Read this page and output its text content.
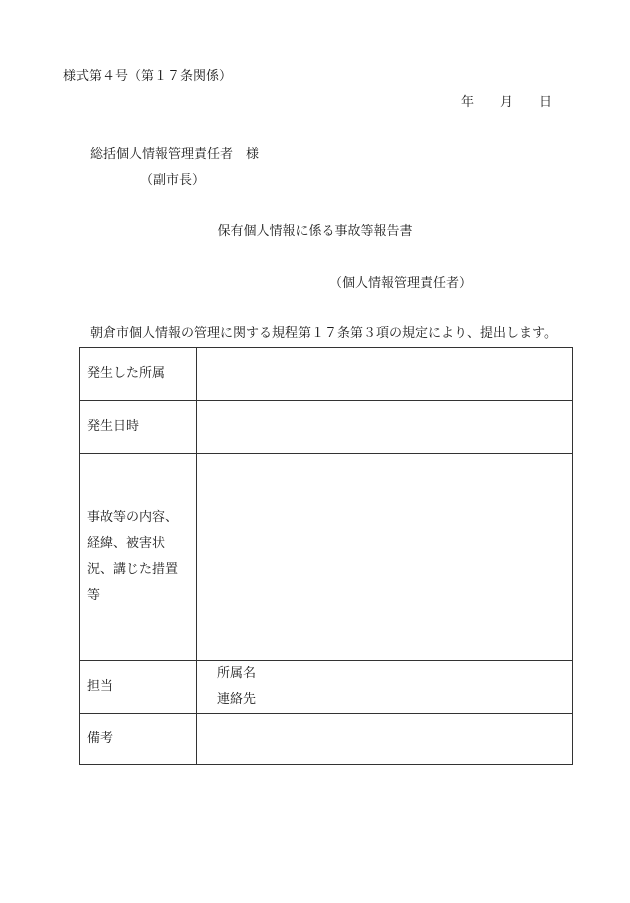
様式第４号（第１７条関係）
年 月 日
総括個人情報管理責任者　様
（副市長）
保有個人情報に係る事故等報告書
（個人情報管理責任者）
朝倉市個人情報の管理に関する規程第１７条第３項の規定により、提出します。
発生した所属	
発生日時	
事故等の内容、経緯、被害状況、講じた措置等	
担当	所属名
連絡先

備考	
